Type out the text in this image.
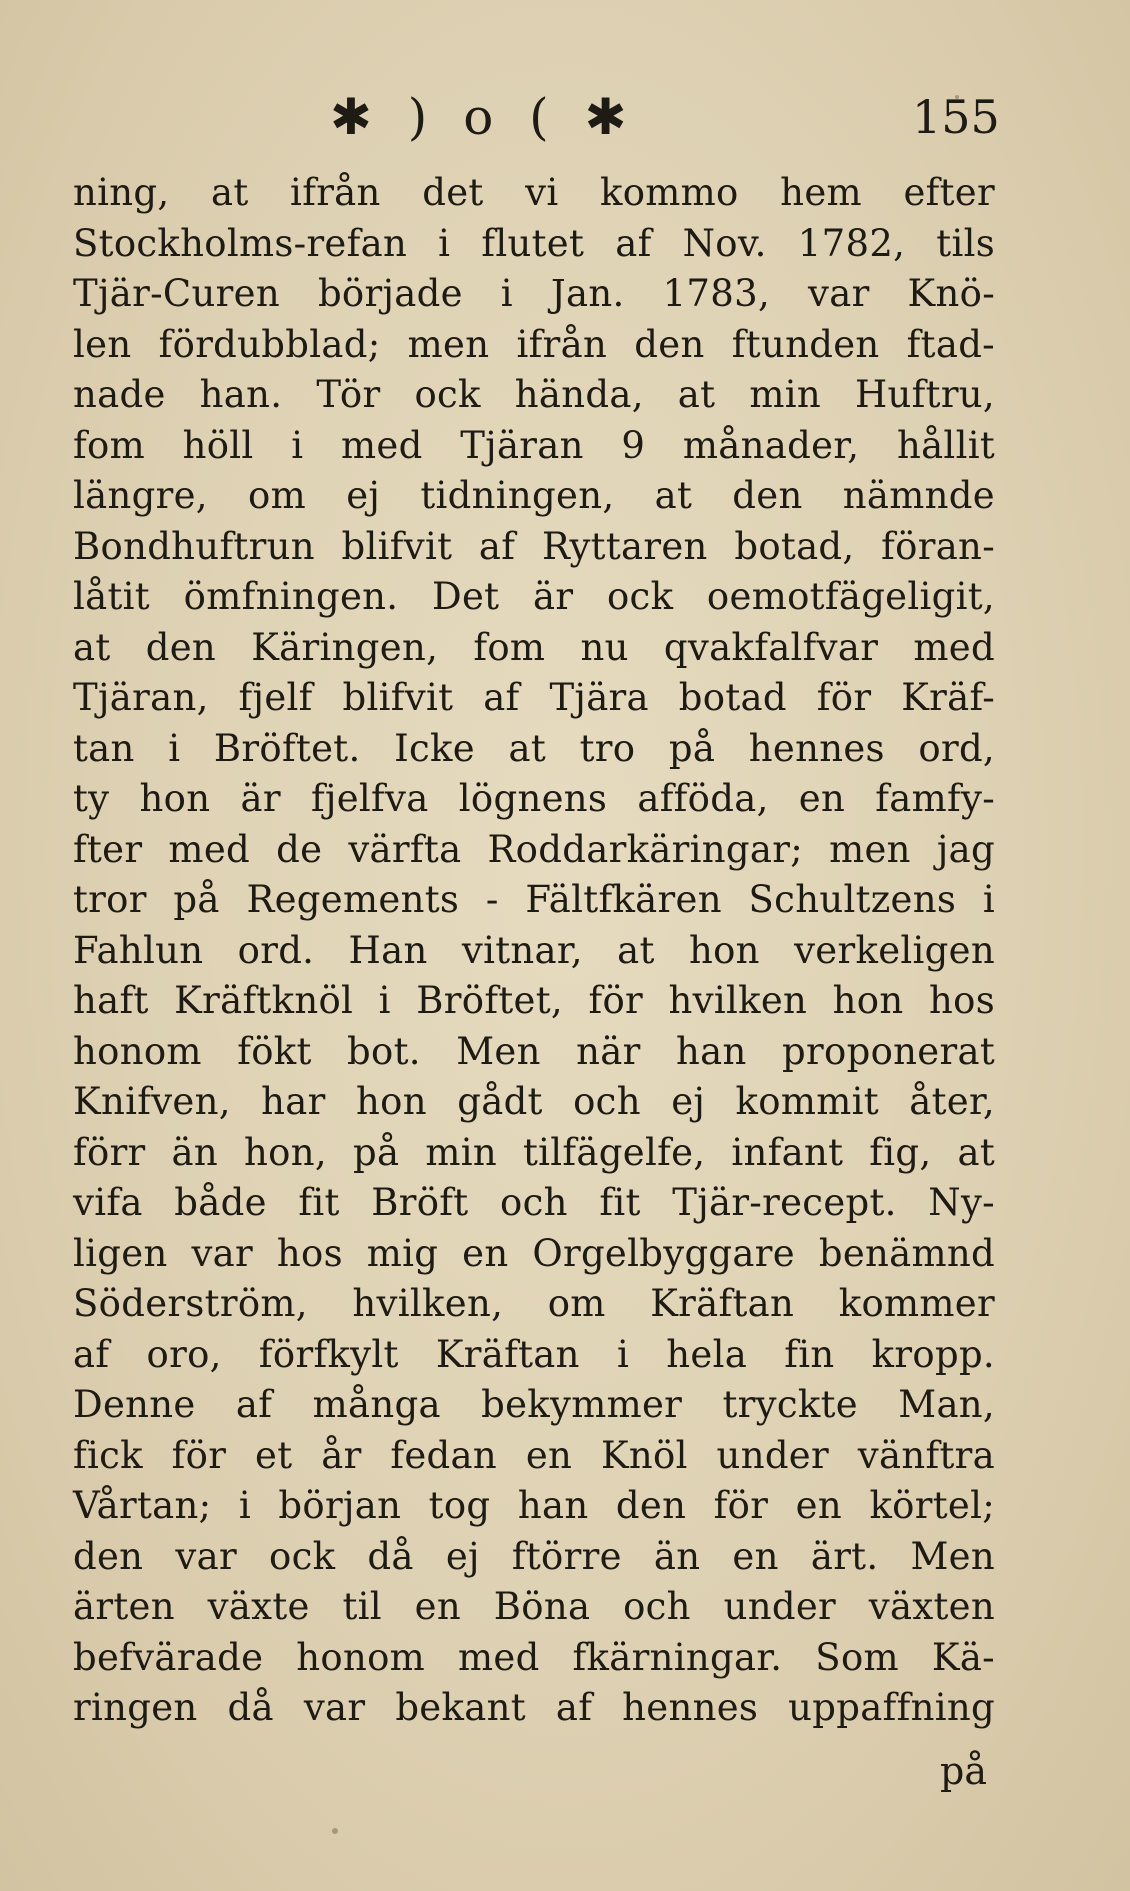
✱ ) o ( ✱	155
ning, at ifrån det vi kommo hem efter
Stockholms-refan i flutet af Nov. 1782, tils
Tjär-Curen började i Jan. 1783, var Knö-
len fördubblad; men ifrån den ftunden ftad-
nade han. Tör ock hända, at min Huftru,
fom höll i med Tjäran 9 månader, hållit
längre, om ej tidningen, at den nämnde
Bondhuftrun blifvit af Ryttaren botad, föran-
låtit ömfningen. Det är ock oemotfägeligit,
at den Käringen, fom nu qvakfalfvar med
Tjäran, fjelf blifvit af Tjära botad för Kräf-
tan i Bröftet. Icke at tro på hennes ord,
ty hon är fjelfva lögnens afföda, en famfy-
fter med de värfta Roddarkäringar; men jag
tror på Regements - Fältfkären Schultzens i
Fahlun ord. Han vitnar, at hon verkeligen
haft Kräftknöl i Bröftet, för hvilken hon hos
honom fökt bot. Men när han proponerat
Knifven, har hon gådt och ej kommit åter,
förr än hon, på min tilfägelfe, infant fig, at
vifa både fit Bröft och fit Tjär-recept. Ny-
ligen var hos mig en Orgelbyggare benämnd
Söderström, hvilken, om Kräftan kommer
af oro, förfkylt Kräftan i hela fin kropp.
Denne af många bekymmer tryckte Man,
fick för et år fedan en Knöl under vänftra
Vårtan; i början tog han den för en körtel;
den var ock då ej ftörre än en ärt. Men
ärten växte til en Böna och under växten
befvärade honom med fkärningar. Som Kä-
ringen då var bekant af hennes uppaffning
på
